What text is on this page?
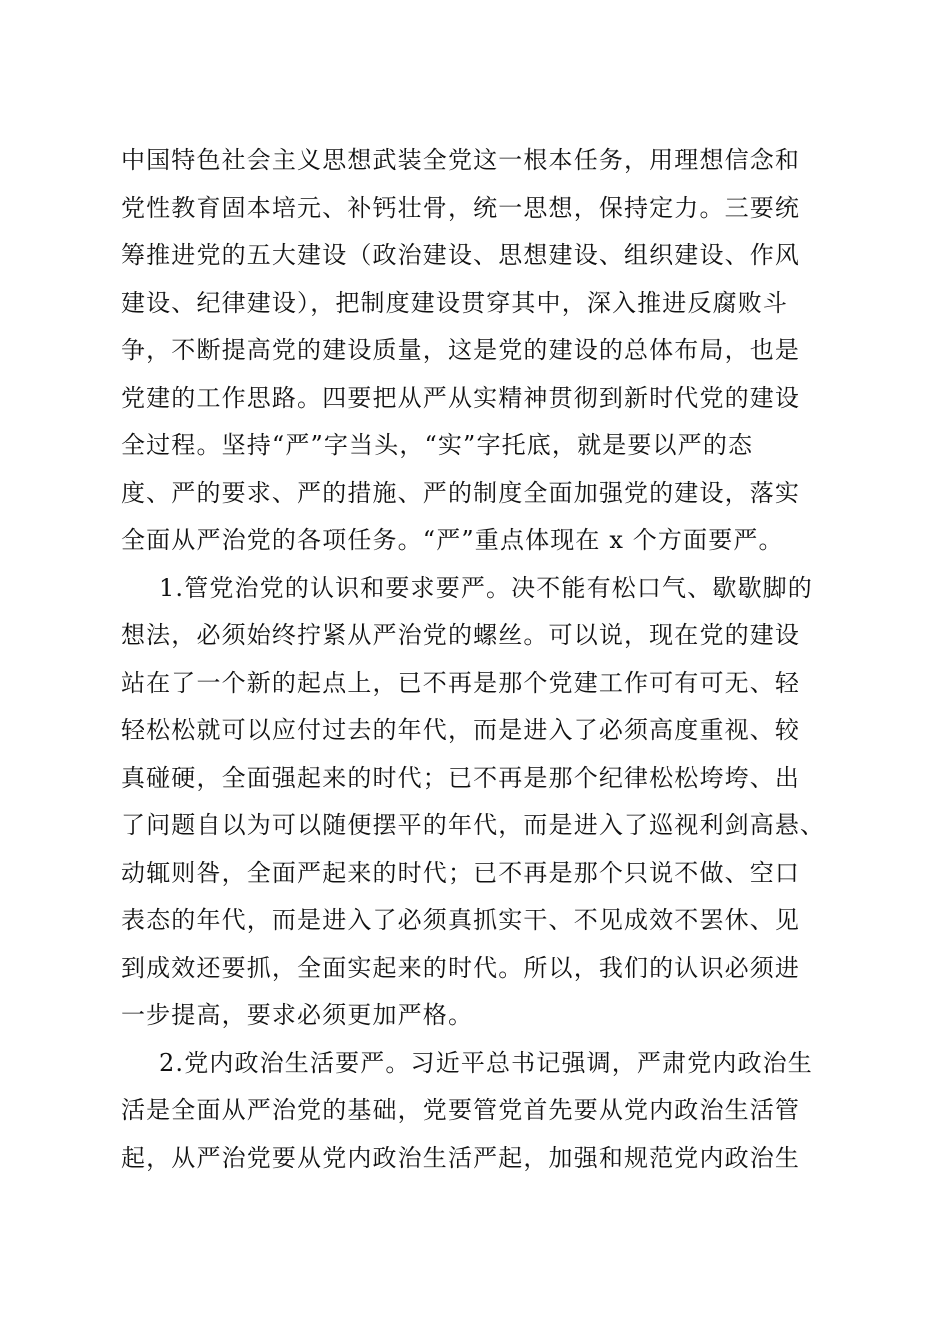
中国特色社会主义思想武装全党这一根本任务，用理想信念和
党性教育固本培元、补钙壮骨，统一思想，保持定力。三要统
筹推进党的五大建设（政治建设、思想建设、组织建设、作风
建设、纪律建设），把制度建设贯穿其中，深入推进反腐败斗
争，不断提高党的建设质量，这是党的建设的总体布局，也是
党建的工作思路。四要把从严从实精神贯彻到新时代党的建设
全过程。坚持“严”字当头，“实”字托底，就是要以严的态
度、严的要求、严的措施、严的制度全面加强党的建设，落实
全面从严治党的各项任务。“严”重点体现在 x 个方面要严。
1.管党治党的认识和要求要严。决不能有松口气、歇歇脚的
想法，必须始终拧紧从严治党的螺丝。可以说，现在党的建设
站在了一个新的起点上，已不再是那个党建工作可有可无、轻
轻松松就可以应付过去的年代，而是进入了必须高度重视、较
真碰硬，全面强起来的时代；已不再是那个纪律松松垮垮、出
了问题自以为可以随便摆平的年代，而是进入了巡视利剑高悬、
动辄则咎，全面严起来的时代；已不再是那个只说不做、空口
表态的年代，而是进入了必须真抓实干、不见成效不罢休、见
到成效还要抓，全面实起来的时代。所以，我们的认识必须进
一步提高，要求必须更加严格。
2.党内政治生活要严。习近平总书记强调，严肃党内政治生
活是全面从严治党的基础，党要管党首先要从党内政治生活管
起，从严治党要从党内政治生活严起，加强和规范党内政治生
